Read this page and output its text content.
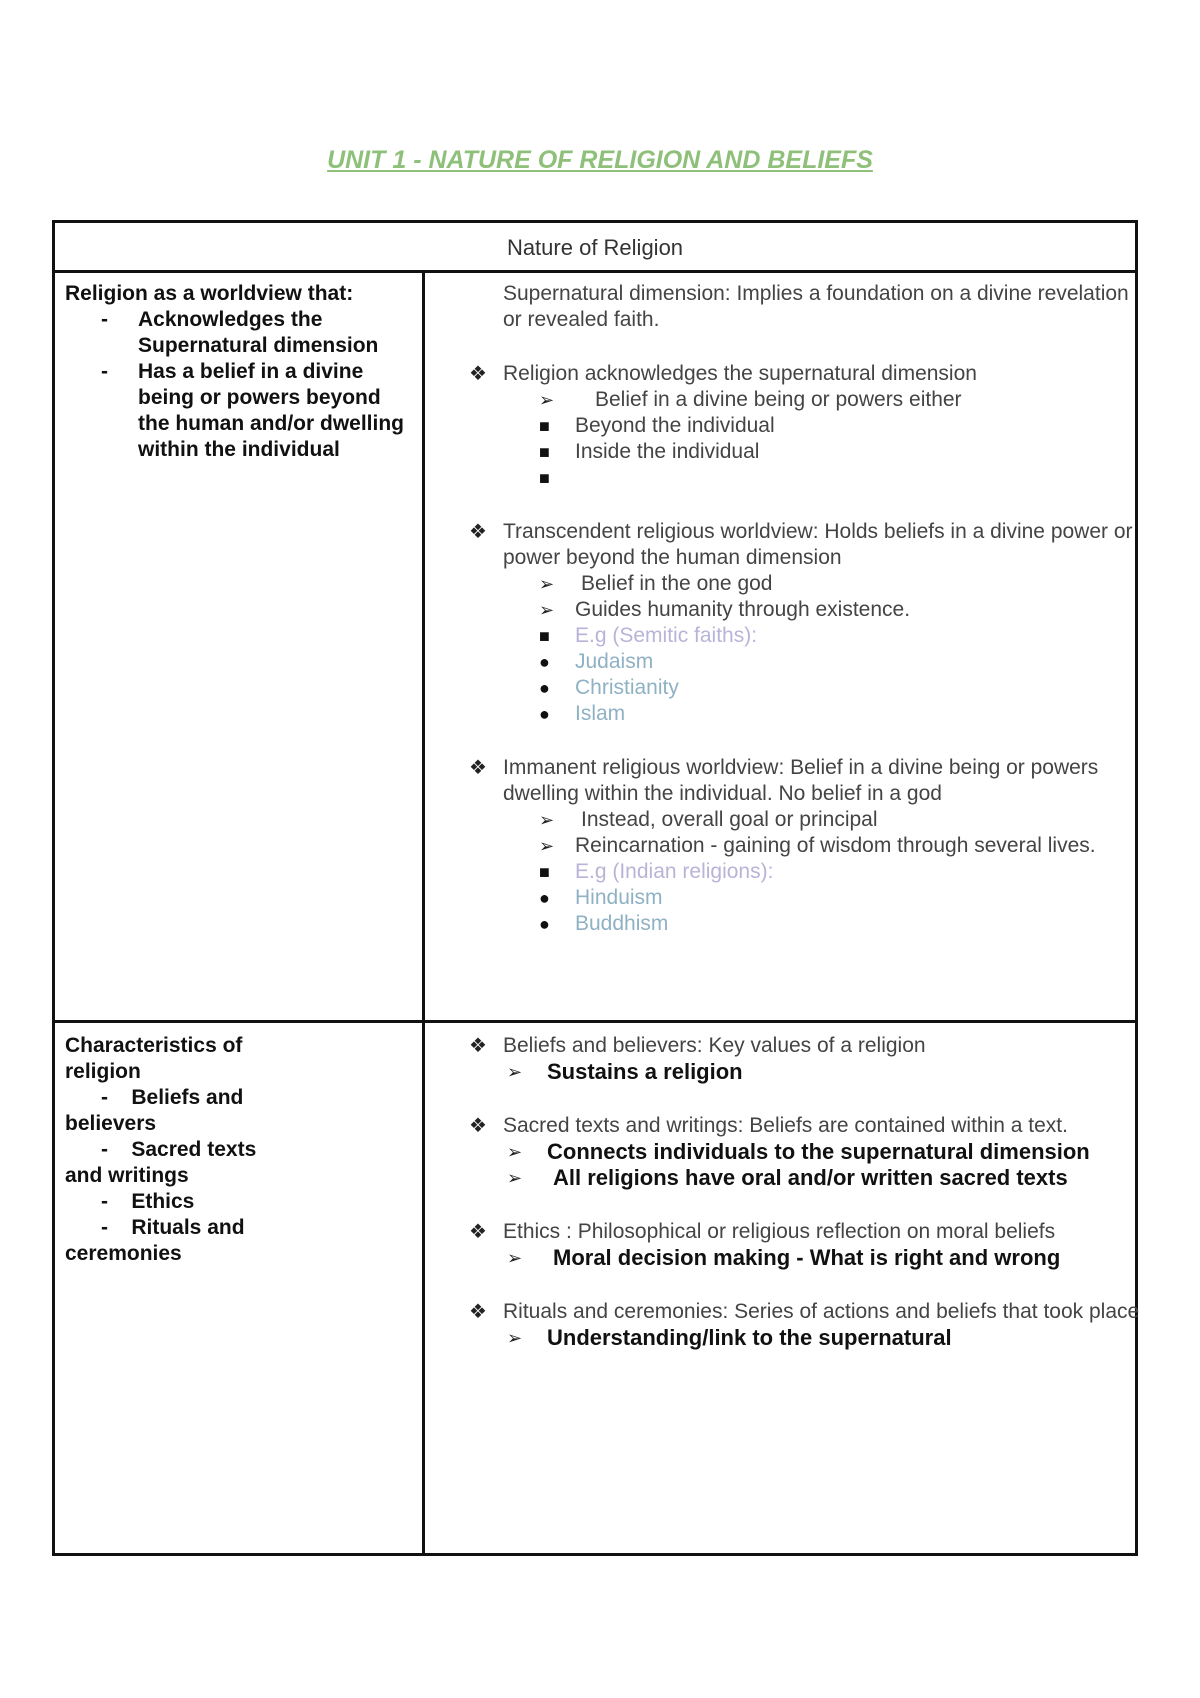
UNIT 1 - NATURE OF RELIGION AND BELIEFS
Nature of Religion
Religion as a worldview that:
- Acknowledges the Supernatural dimension
- Has a belief in a divine being or powers beyond the human and/or dwelling within the individual
Supernatural dimension: Implies a foundation on a divine revelation or revealed faith.
❖ Religion acknowledges the supernatural dimension
➢ Belief in a divine being or powers either
■ Beyond the individual
■ Inside the individual
■
❖ Transcendent religious worldview: Holds beliefs in a divine power or power beyond the human dimension
➢ Belief in the one god
➢ Guides humanity through existence.
■ E.g (Semitic faiths):
● Judaism
● Christianity
● Islam
❖ Immanent religious worldview: Belief in a divine being or powers dwelling within the individual. No belief in a god
➢ Instead, overall goal or principal
➢ Reincarnation - gaining of wisdom through several lives.
■ E.g (Indian religions):
● Hinduism
● Buddhism
Characteristics of religion
-    Beliefs and believers
-    Sacred texts and writings
-    Ethics
-    Rituals and ceremonies
❖ Beliefs and believers: Key values of a religion
➢ Sustains a religion
❖ Sacred texts and writings: Beliefs are contained within a text.
➢ Connects individuals to the supernatural dimension
➢ All religions have oral and/or written sacred texts
❖ Ethics : Philosophical or religious reflection on moral beliefs
➢ Moral decision making - What is right and wrong
❖ Rituals and ceremonies: Series of actions and beliefs that took place
➢ Understanding/link to the supernatural
